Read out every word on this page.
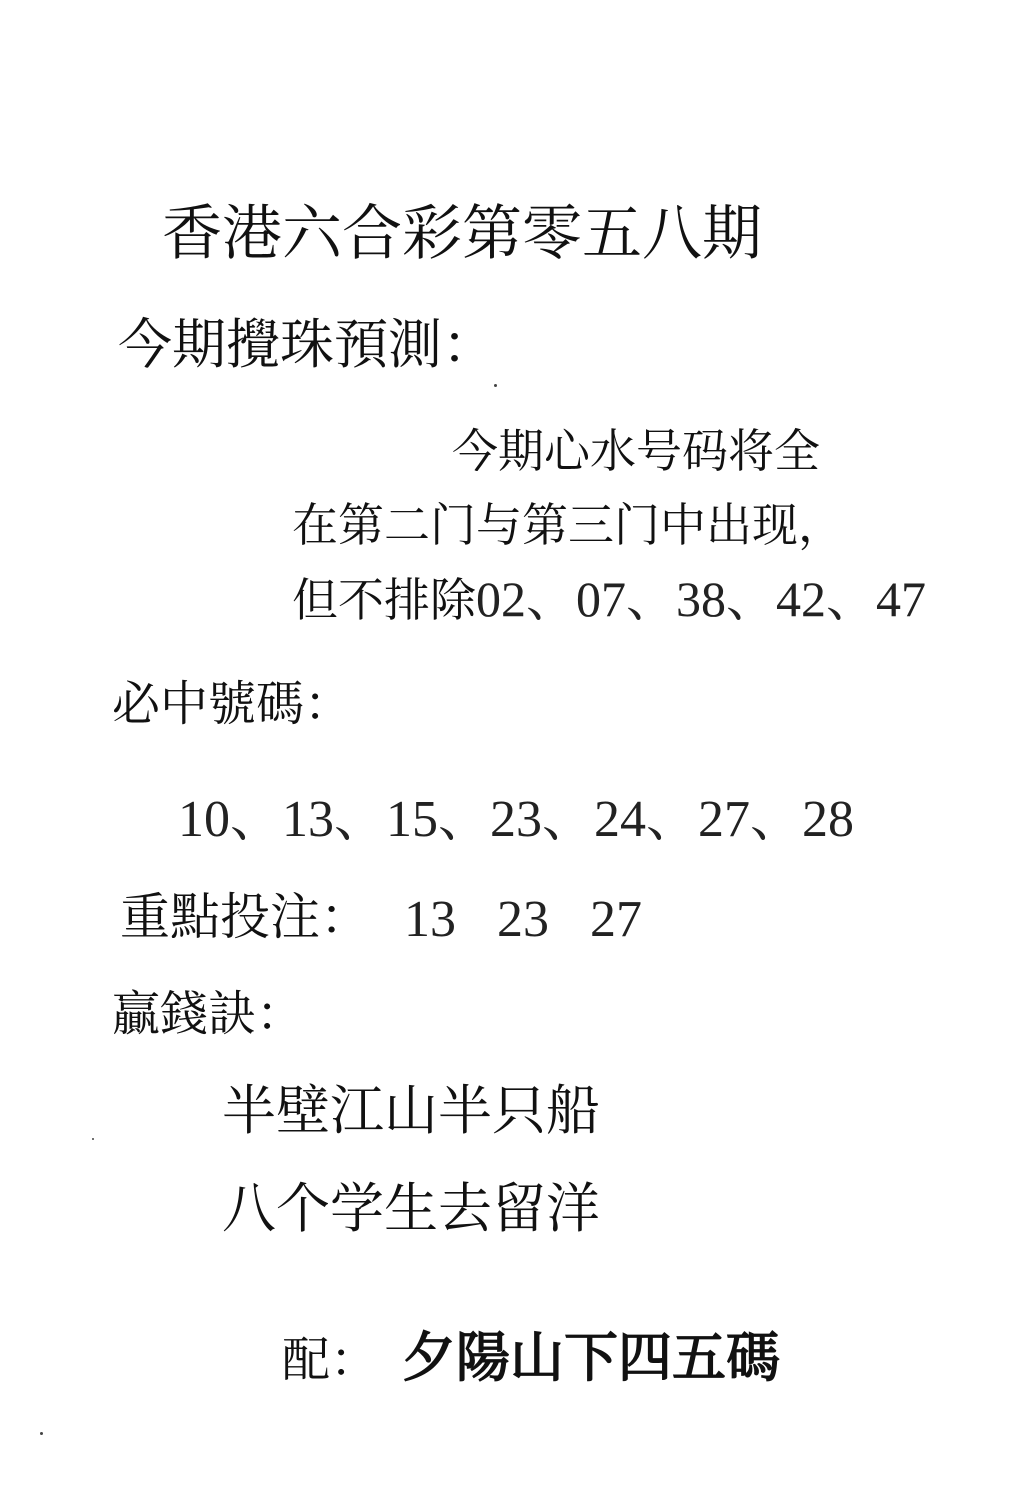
香港六合彩第零五八期
今期攪珠預測：
今期心水号码将全
在第二门与第三门中出现，
但不排除02、07、38、42、47
必中號碼：
10、13、15、23、24、27、28
重點投注： 13 23 27
贏錢訣：
半壁江山半只船
八个学生去留洋
配： 夕陽山下四五碼
